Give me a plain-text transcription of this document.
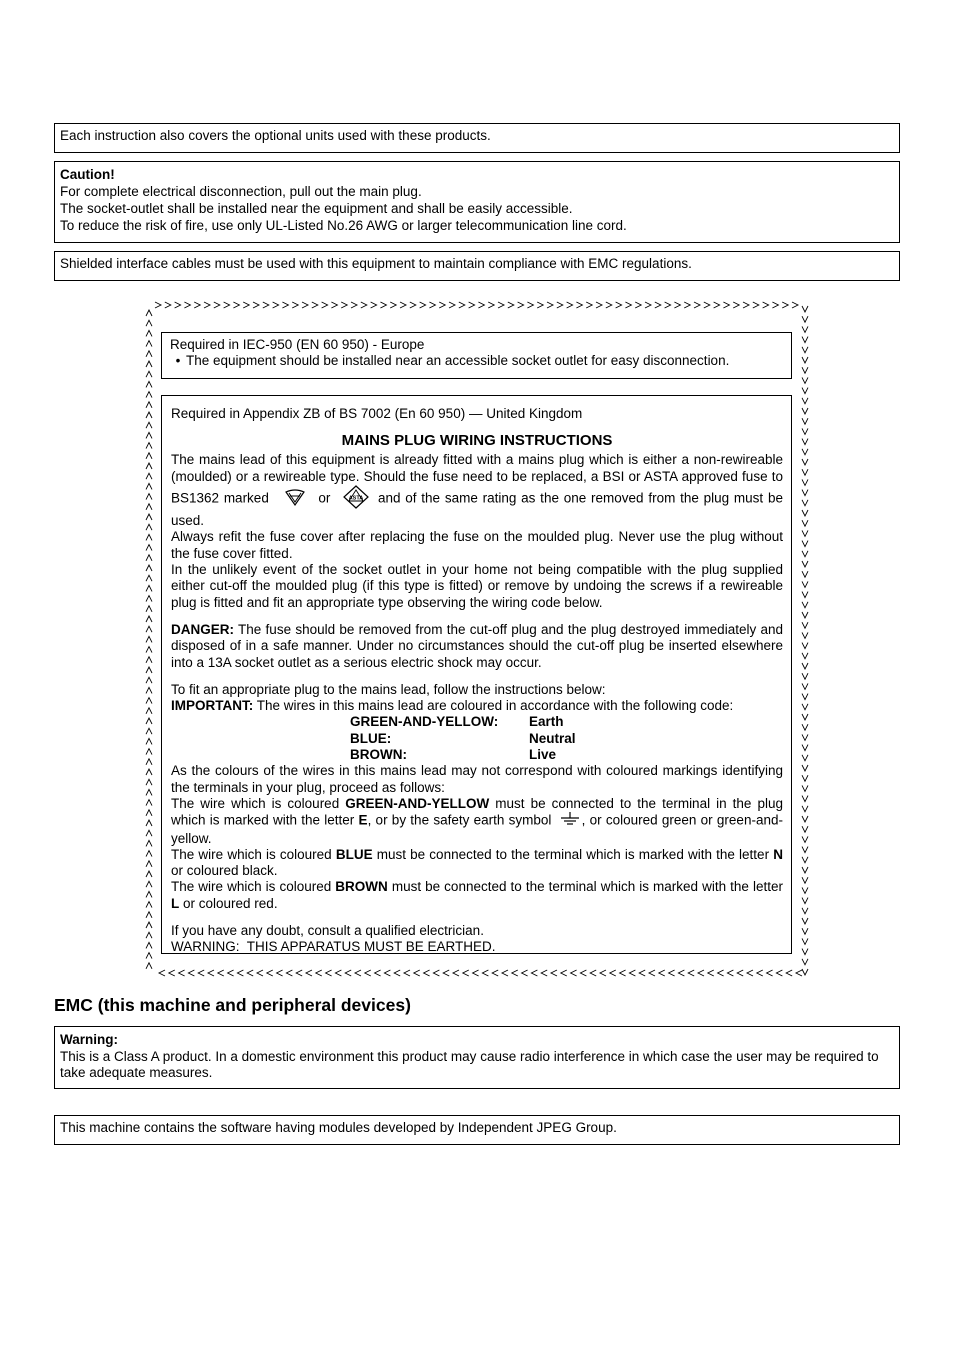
Each instruction also covers the optional units used with these products.
Caution!
For complete electrical disconnection, pull out the main plug.
The socket-outlet shall be installed near the equipment and shall be easily accessible.
To reduce the risk of fire, use only UL-Listed No.26 AWG or larger telecommunication line cord.
Shielded interface cables must be used with this equipment to maintain compliance with EMC regulations.
Required in IEC-950 (EN 60 950) - Europe
• The equipment should be installed near an accessible socket outlet for easy disconnection.
Required in Appendix ZB of BS 7002 (En 60 950) — United Kingdom
MAINS PLUG WIRING INSTRUCTIONS
The mains lead of this equipment is already fitted with a mains plug which is either a non-rewireable (moulded) or a rewireable type. Should the fuse need to be replaced, a BSI or ASTA approved fuse to BS1362 marked	or	ASTA and of the same rating as the one removed from the plug must be used.
Always refit the fuse cover after replacing the fuse on the moulded plug. Never use the plug without the fuse cover fitted.
In the unlikely event of the socket outlet in your home not being compatible with the plug supplied either cut-off the moulded plug (if this type is fitted) or remove by undoing the screws if a rewireable plug is fitted and fit an appropriate type observing the wiring code below.
DANGER: The fuse should be removed from the cut-off plug and the plug destroyed immediately and disposed of in a safe manner. Under no circumstances should the cut-off plug be inserted elsewhere into a 13A socket outlet as a serious electric shock may occur.
To fit an appropriate plug to the mains lead, follow the instructions below:
IMPORTANT: The wires in this mains lead are coloured in accordance with the following code:
GREEN-AND-YELLOW:	Earth
BLUE:	Neutral
BROWN:	Live
As the colours of the wires in this mains lead may not correspond with coloured markings identifying the terminals in your plug, proceed as follows:
The wire which is coloured GREEN-AND-YELLOW must be connected to the terminal in the plug which is marked with the letter E, or by the safety earth symbol , or coloured green or green-and-yellow.
The wire which is coloured BLUE must be connected to the terminal which is marked with the letter N or coloured black.
The wire which is coloured BROWN must be connected to the terminal which is marked with the letter L or coloured red.
If you have any doubt, consult a qualified electrician.
WARNING:  THIS APPARATUS MUST BE EARTHED.
EMC (this machine and peripheral devices)
Warning:
This is a Class A product. In a domestic environment this product may cause radio interference in which case the user may be required to take adequate measures.
This machine contains the software having modules developed by Independent JPEG Group.
